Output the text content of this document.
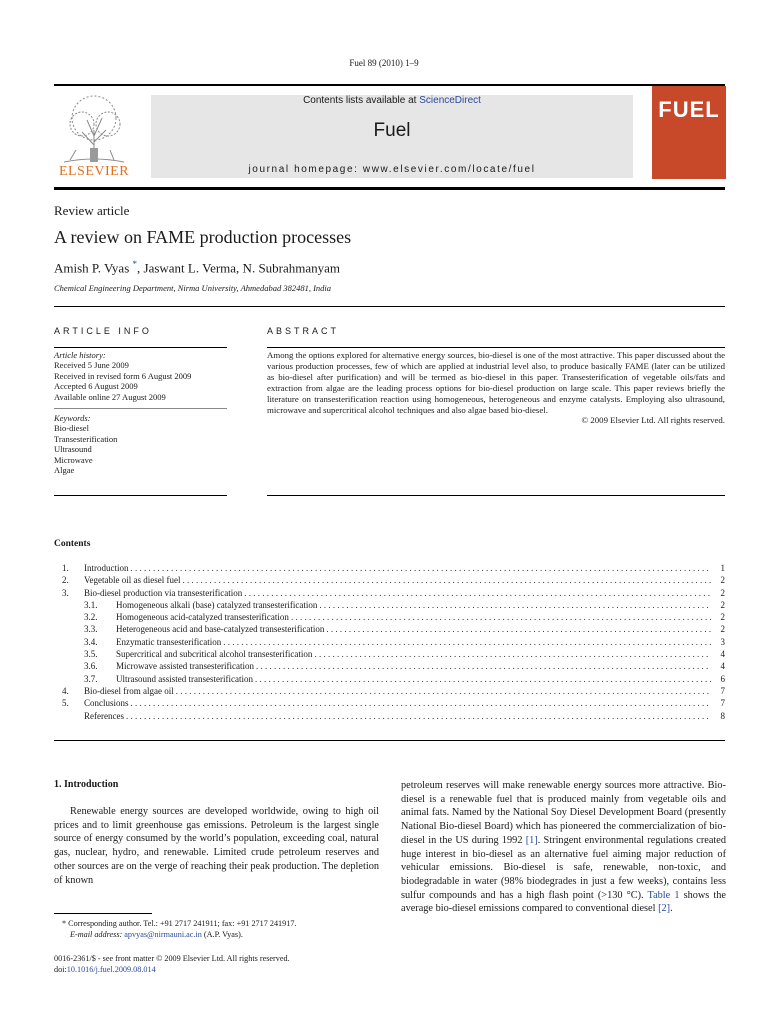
Fuel 89 (2010) 1–9
ELSEVIER
Contents lists available at ScienceDirect
Fuel
journal homepage: www.elsevier.com/locate/fuel
FUEL
Review article
A review on FAME production processes
Amish P. Vyas *, Jaswant L. Verma, N. Subrahmanyam
Chemical Engineering Department, Nirma University, Ahmedabad 382481, India
ARTICLE INFO	ABSTRACT
Article history:
Received 5 June 2009
Received in revised form 6 August 2009
Accepted 6 August 2009
Available online 27 August 2009
Keywords:
Bio-diesel
Transesterification
Ultrasound
Microwave
Algae
Among the options explored for alternative energy sources, bio-diesel is one of the most attractive. This paper discussed about the various production processes, few of which are applied at industrial level also, to produce basically FAME (later can be utilized as bio-diesel after purification) and will be termed as bio-diesel in this paper. Transesterification of vegetable oils/fats and extraction from algae are the leading process options for bio-diesel production on large scale. This paper reviews briefly the literature on transesterification reaction using homogeneous, heterogeneous and enzyme catalysts. Employing also ultrasound, microwave and supercritical alcohol techniques and also algae based bio-diesel.
© 2009 Elsevier Ltd. All rights reserved.
Contents
1.	Introduction . . .	1
2.	Vegetable oil as diesel fuel . . .	2
3.	Bio-diesel production via transesterification . . .	2
3.1.	Homogeneous alkali (base) catalyzed transesterification . . .	2
3.2.	Homogeneous acid-catalyzed transesterification . . .	2
3.3.	Heterogeneous acid and base-catalyzed transesterification . . .	2
3.4.	Enzymatic transesterification . . .	3
3.5.	Supercritical and subcritical alcohol transesterification . . .	4
3.6.	Microwave assisted transesterification . . .	4
3.7.	Ultrasound assisted transesterification . . .	6
4.	Bio-diesel from algae oil . . .	7
5.	Conclusions . . .	7
References . . .	8
1. Introduction
Renewable energy sources are developed worldwide, owing to high oil prices and to limit greenhouse gas emissions. Petroleum is the largest single source of energy consumed by the world’s population, exceeding coal, natural gas, nuclear, hydro, and renewable. Limited crude petroleum reserves and other sources are on the verge of reaching their peak production. The depletion of known
petroleum reserves will make renewable energy sources more attractive. Bio-diesel is a renewable fuel that is produced mainly from vegetable oils and animal fats. Named by the National Soy Diesel Development Board (presently National Bio-diesel Board) which has pioneered the commercialization of bio-diesel in the US during 1992 [1]. Stringent environmental regulations created huge interest in bio-diesel as an alternative fuel aiming major reduction of vehicular emissions. Bio-diesel is safe, renewable, non-toxic, and biodegradable in water (98% biodegrades in just a few weeks), contains less sulfur compounds and has a high flash point (>130 °C). Table 1 shows the average bio-diesel emissions compared to conventional diesel [2].
* Corresponding author. Tel.: +91 2717 241911; fax: +91 2717 241917.
E-mail address: apvyas@nirmauni.ac.in (A.P. Vyas).
0016-2361/$ - see front matter © 2009 Elsevier Ltd. All rights reserved.
doi:10.1016/j.fuel.2009.08.014
